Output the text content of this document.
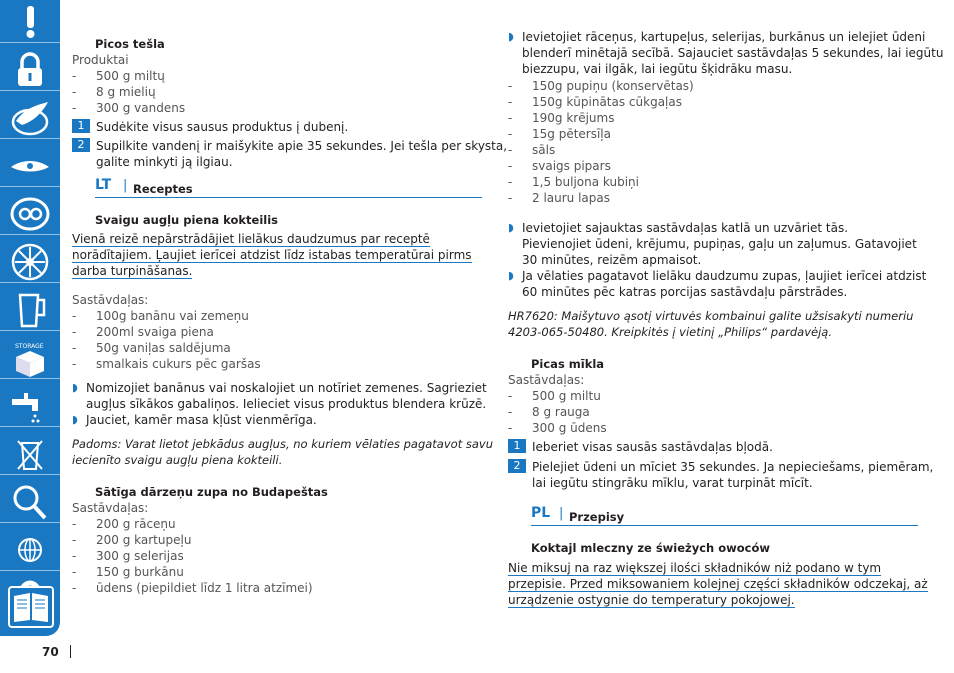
STORAGE
Picos tešla
Produktai
- 500 g miltų
- 8 g mielių
- 300 g vandens
1 Sudėkite visus sausus produktus į dubenį.
2 Supilkite vandenį ir maišykite apie 35 sekundes. Jei tešla per skysta,
galite minkyti ją ilgiau.
LT | Receptes
Svaigu augļu piena kokteilis
Vienā reizē nepārstrādājiet lielākus daudzumus par receptē
norādītajiem. Ļaujiet ierīcei atdzist līdz istabas temperatūrai pirms
darba turpināšanas.
Sastāvdaļas:
- 100g banānu vai zemeņu
- 200ml svaiga piena
- 50g vaniļas saldējuma
- smalkais cukurs pēc garšas
◗ Nomizojiet banānus vai noskalojiet un notīriet zemenes. Sagrieziet
augļus sīkākos gabaliņos. Ielieciet visus produktus blendera krūzē.
◗ Jauciet, kamēr masa kļūst vienmērīga.
Padoms: Varat lietot jebkādus augļus, no kuriem vēlaties pagatavot savu
iecienīto svaigu augļu piena kokteili.
Sātīga dārzeņu zupa no Budapeštas
Sastāvdaļas:
- 200 g rāceņu
- 200 g kartupeļu
- 300 g selerijas
- 150 g burkānu
- ūdens (piepildiet līdz 1 litra atzīmei)
◗ Ievietojiet rāceņus, kartupeļus, selerijas, burkānus un ielejiet ūdeni
blenderī minētajā secībā. Sajauciet sastāvdaļas 5 sekundes, lai iegūtu
biezzupu, vai ilgāk, lai iegūtu šķidrāku masu.
- 150g pupiņu (konservētas)
- 150g kūpinātas cūkgaļas
- 190g krējums
- 15g pētersīļa
- sāls
- svaigs pipars
- 1,5 buljona kubiņi
- 2 lauru lapas
◗ Ievietojiet sajauktas sastāvdaļas katlā un uzvāriet tās.
Pievienojiet ūdeni, krējumu, pupiņas, gaļu un zaļumus. Gatavojiet
30 minūtes, reizēm apmaisot.
◗ Ja vēlaties pagatavot lielāku daudzumu zupas, ļaujiet ierīcei atdzist
60 minūtes pēc katras porcijas sastāvdaļu pārstrādes.
HR7620: Maišytuvo ąsotį virtuvės kombainui galite užsisakyti numeriu
4203-065-50480. Kreipkitės į vietinį „Philips“ pardavėją.
Picas mīkla
Sastāvdaļas:
- 500 g miltu
- 8 g rauga
- 300 g ūdens
1 Ieberiet visas sausās sastāvdaļas bļodā.
2 Pielejiet ūdeni un mīciet 35 sekundes. Ja nepieciešams, piemēram,
lai iegūtu stingrāku mīklu, varat turpināt mīcīt.
PL | Przepisy
Koktajl mleczny ze świeżych owoców
Nie miksuj na raz większej ilości składników niż podano w tym
przepisie. Przed miksowaniem kolejnej części składników odczekaj, aż
urządzenie ostygnie do temperatury pokojowej.
70
